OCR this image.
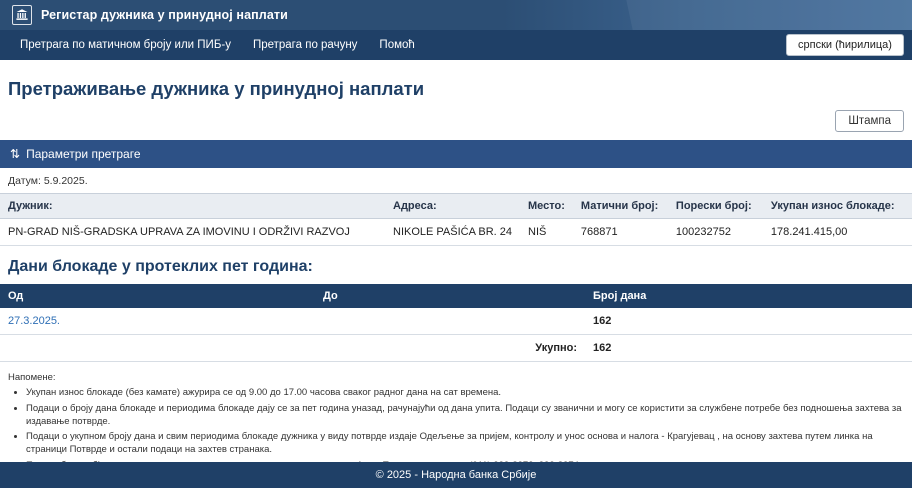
Регистар дужника у принудној наплати
Претрага по матичном броју или ПИБ-у	Претрага по рачуну	Помоћ	српски (ћирилица)
Претраживање дужника у принудној наплати
Штампа
⇅ Параметри претраге
Датум: 5.9.2025.
Дужник:	Адреса:	Место:	Матични број:	Порески број:	Укупан износ блокаде:
PN-GRAD NIŠ-GRADSKA UPRAVA ZA IMOVINU I ODRŽIVI RAZVOJ	NIKOLE PAŠIĆA BR. 24	NIŠ	768871	100232752	178.241.415,00
Дани блокаде у протеклих пет година:
Од	До	Број дана
27.3.2025.		162
	Укупно:	162
Напомене:
• Укупан износ блокаде (без камате) ажурира се од 9.00 до 17.00 часова сваког радног дана на сат времена.
• Подаци о броју дана блокаде и периодима блокаде дају се за пет година уназад, рачунајући од дана упита. Подаци су званични и могу се користити за службене потребе без подношења захтева за издавање потврде.
• Подаци о укупном броју дана и свим периодима блокаде дужника у виду потврде издаје Одељење за пријем, контролу и унос основа и налога - Крагујевац , на основу захтева путем линка на страници Потврде и остали подаци на захтев странака.
•
•
© 2025 - Народна банка Србије
